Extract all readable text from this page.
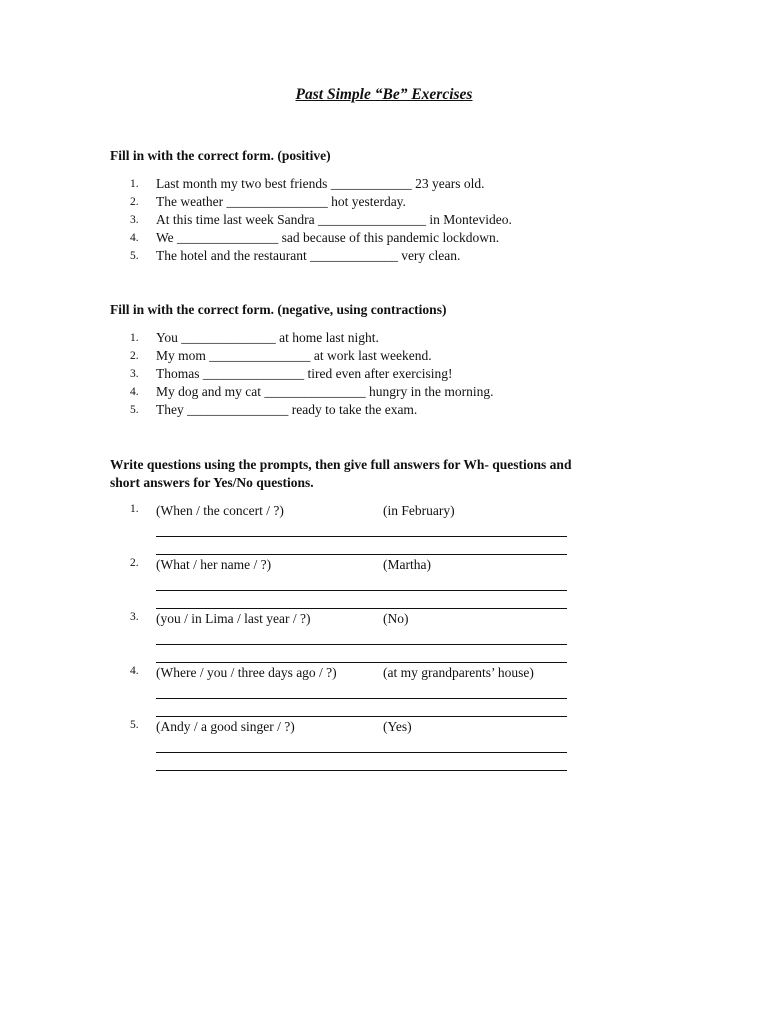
Past Simple “Be” Exercises

Fill in with the correct form. (positive)

1. Last month my two best friends ____________ 23 years old.
2. The weather _______________ hot yesterday.
3. At this time last week Sandra ________________ in Montevideo.
4. We _______________ sad because of this pandemic lockdown.
5. The hotel and the restaurant _____________ very clean.

Fill in with the correct form. (negative, using contractions)

1. You ______________ at home last night.
2. My mom _______________ at work last weekend.
3. Thomas _______________ tired even after exercising!
4. My dog and my cat _______________ hungry in the morning.
5. They _______________ ready to take the exam.

Write questions using the prompts, then give full answers for Wh- questions and
short answers for Yes/No questions.

1. (When / the concert / ?)	(in February)
2. (What / her name / ?)	(Martha)
3. (you / in Lima / last year / ?)	(No)
4. (Where / you / three days ago / ?)	(at my grandparents’ house)
5. (Andy / a good singer / ?)	(Yes)
